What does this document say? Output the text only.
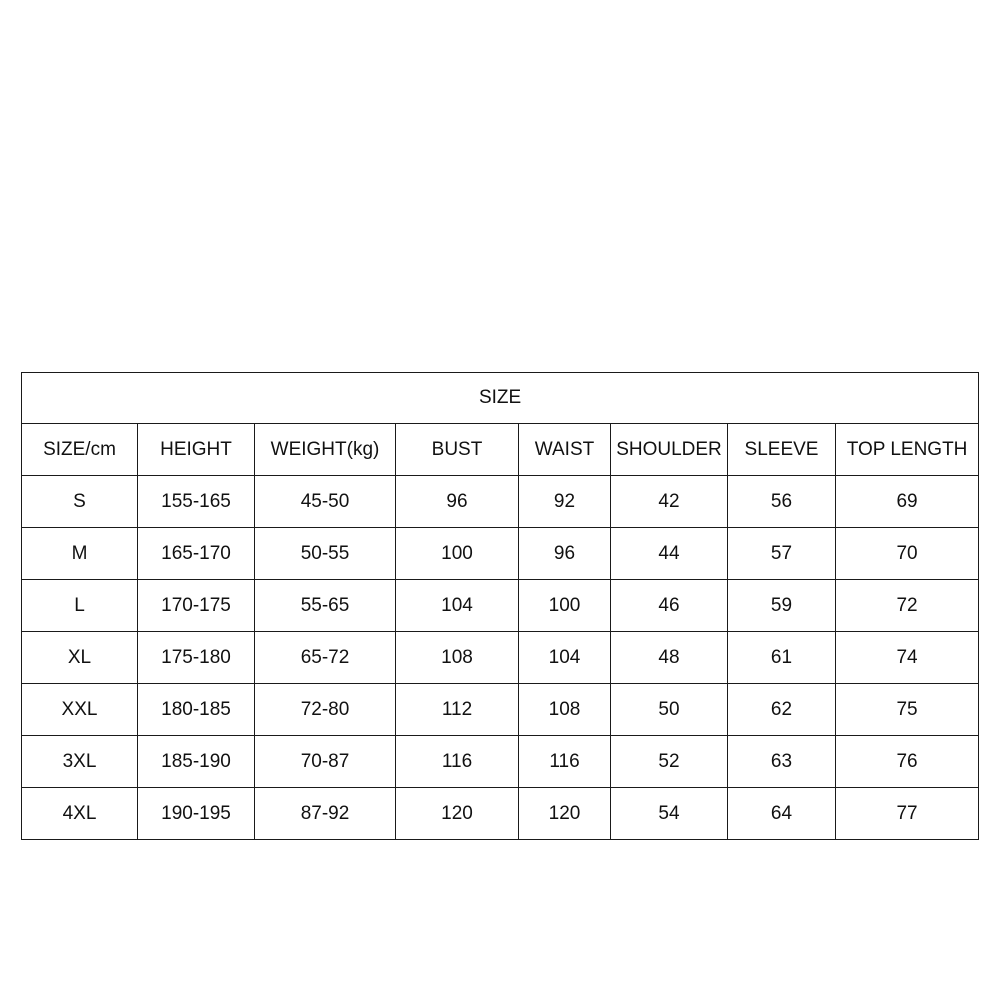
SIZE							
SIZE/cm	HEIGHT	WEIGHT(kg)	BUST	WAIST	SHOULDER	SLEEVE	TOP LENGTH
S	155-165	45-50	96	92	42	56	69
M	165-170	50-55	100	96	44	57	70
L	170-175	55-65	104	100	46	59	72
XL	175-180	65-72	108	104	48	61	74
XXL	180-185	72-80	112	108	50	62	75
3XL	185-190	70-87	116	116	52	63	76
4XL	190-195	87-92	120	120	54	64	77
